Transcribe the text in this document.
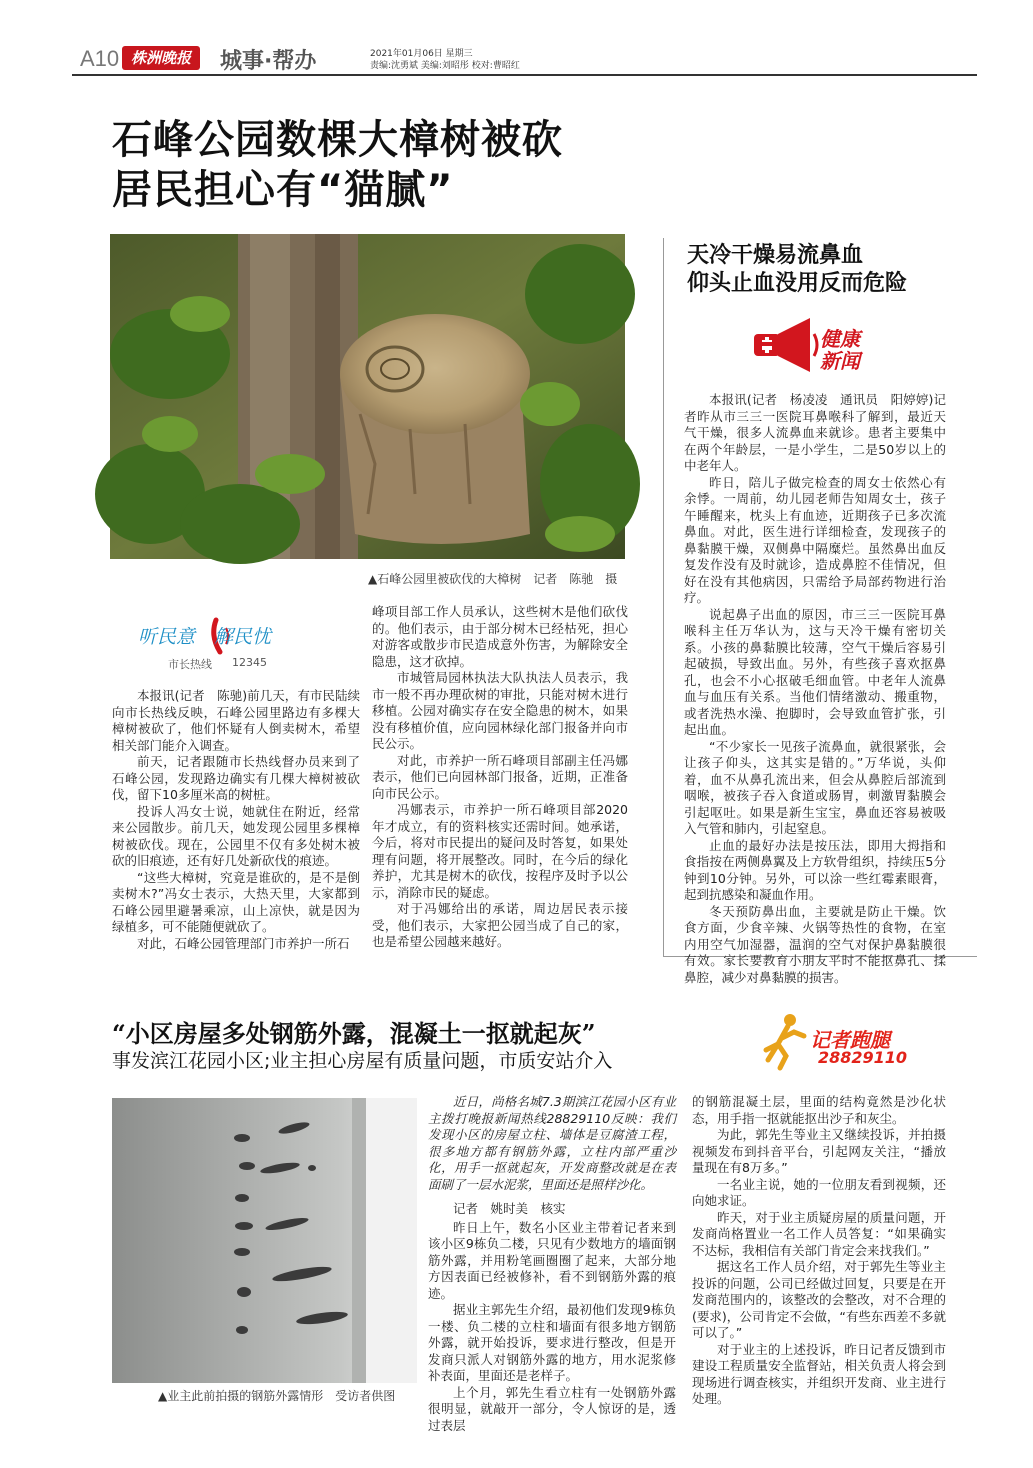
A10 株洲晚报	城事·帮办	2021年01月06日 星期三
责编:沈勇斌 美编:刘昭彤 校对:曹昭红
石峰公园数棵大樟树被砍
居民担心有“猫腻”
▲石峰公园里被砍伐的大樟树　记者　陈驰　摄
听民意　解民忧
市长热线 12345

本报讯(记者　陈驰)前几天，有市民陆续向市长热线反映，石峰公园里路边有多棵大樟树被砍了，他们怀疑有人倒卖树木，希望相关部门能介入调查。

前天，记者跟随市长热线督办员来到了石峰公园，发现路边确实有几棵大樟树被砍伐，留下10多厘米高的树桩。

投诉人冯女士说，她就住在附近，经常来公园散步。前几天，她发现公园里多棵樟树被砍伐。现在，公园里不仅有多处树木被砍的旧痕迹，还有好几处新砍伐的痕迹。

“这些大樟树，究竟是谁砍的，是不是倒卖树木?”冯女士表示，大热天里，大家都到石峰公园里避暑乘凉，山上凉快，就是因为绿植多，可不能随便就砍了。

对此，石峰公园管理部门市养护一所石

峰项目部工作人员承认，这些树木是他们砍伐的。他们表示，由于部分树木已经枯死，担心对游客或散步市民造成意外伤害，为解除安全隐患，这才砍掉。

市城管局园林执法大队执法人员表示，我市一般不再办理砍树的审批，只能对树木进行移植。公园对确实存在安全隐患的树木，如果没有移植价值，应向园林绿化部门报备并向市民公示。

对此，市养护一所石峰项目部副主任冯娜表示，他们已向园林部门报备，近期，正准备向市民公示。

冯娜表示，市养护一所石峰项目部2020年才成立，有的资料核实还需时间。她承诺，今后，将对市民提出的疑问及时答复，如果处理有问题，将开展整改。同时，在今后的绿化养护，尤其是树木的砍伐，按程序及时予以公示，消除市民的疑虑。

对于冯娜给出的承诺，周边居民表示接受，他们表示，大家把公园当成了自己的家，也是希望公园越来越好。

天冷干燥易流鼻血
仰头止血没用反而危险
健康
新闻

本报讯(记者　杨凌凌　通讯员　阳婷婷)记者昨从市三三一医院耳鼻喉科了解到，最近天气干燥，很多人流鼻血来就诊。患者主要集中在两个年龄层，一是小学生，二是50岁以上的中老年人。

昨日，陪儿子做完检查的周女士依然心有余悸。一周前，幼儿园老师告知周女士，孩子午睡醒来，枕头上有血迹，近期孩子已多次流鼻血。对此，医生进行详细检查，发现孩子的鼻黏膜干燥，双侧鼻中隔糜烂。虽然鼻出血反复发作没有及时就诊，造成鼻腔不佳情况，但好在没有其他病因，只需给予局部药物进行治疗。

说起鼻子出血的原因，市三三一医院耳鼻喉科主任万华认为，这与天冷干燥有密切关系。小孩的鼻黏膜比较薄，空气干燥后容易引起破损，导致出血。另外，有些孩子喜欢抠鼻孔，也会不小心抠破毛细血管。中老年人流鼻血与血压有关系。当他们情绪激动、搬重物，或者洗热水澡、抱脚时，会导致血管扩张，引起出血。

“不少家长一见孩子流鼻血，就很紧张，会让孩子仰头，这其实是错的。”万华说，头仰着，血不从鼻孔流出来，但会从鼻腔后部流到咽喉，被孩子吞入食道或肠胃，刺激胃黏膜会引起呕吐。如果是新生宝宝，鼻血还容易被吸入气管和肺内，引起窒息。

止血的最好办法是按压法，即用大拇指和食指按在两侧鼻翼及上方软骨组织，持续压5分钟到10分钟。另外，可以涂一些红霉素眼膏，起到抗感染和凝血作用。

冬天预防鼻出血，主要就是防止干燥。饮食方面，少食辛辣、火锅等热性的食物，在室内用空气加湿器，温润的空气对保护鼻黏膜很有效。家长要教育小朋友平时不能抠鼻孔、揉鼻腔，减少对鼻黏膜的损害。

“小区房屋多处钢筋外露，混凝土一抠就起灰”
事发滨江花园小区;业主担心房屋有质量问题，市质安站介入
记者跑腿
28829110
▲业主此前拍摄的钢筋外露情形　受访者供图

近日，尚格名城7.3期滨江花园小区有业主拨打晚报新闻热线28829110反映：我们发现小区的房屋立柱、墙体是豆腐渣工程，很多地方都有钢筋外露，立柱内部严重沙化，用手一抠就起灰，开发商整改就是在表面刷了一层水泥浆，里面还是照样沙化。

记者　姚时美　核实

昨日上午，数名小区业主带着记者来到该小区9栋负二楼，只见有少数地方的墙面钢筋外露，并用粉笔画圈圈了起来，大部分地方因表面已经被修补，看不到钢筋外露的痕迹。

据业主郭先生介绍，最初他们发现9栋负一楼、负二楼的立柱和墙面有很多地方钢筋外露，就开始投诉，要求进行整改，但是开发商只派人对钢筋外露的地方，用水泥浆修补表面，里面还是老样子。

上个月，郭先生看立柱有一处钢筋外露很明显，就敲开一部分，令人惊讶的是，透过表层

的钢筋混凝土层，里面的结构竟然是沙化状态，用手指一抠就能抠出沙子和灰尘。

为此，郭先生等业主又继续投诉，并拍摄视频发布到抖音平台，引起网友关注，“播放量现在有8万多。”

一名业主说，她的一位朋友看到视频，还向她求证。

昨天，对于业主质疑房屋的质量问题，开发商尚格置业一名工作人员答复：“如果确实不达标，我相信有关部门肯定会来找我们。”

据这名工作人员介绍，对于郭先生等业主投诉的问题，公司已经做过回复，只要是在开发商范围内的，该整改的会整改，对不合理的(要求)，公司肯定不会做，“有些东西差不多就可以了。”

对于业主的上述投诉，昨日记者反馈到市建设工程质量安全监督站，相关负责人将会到现场进行调查核实，并组织开发商、业主进行处理。
